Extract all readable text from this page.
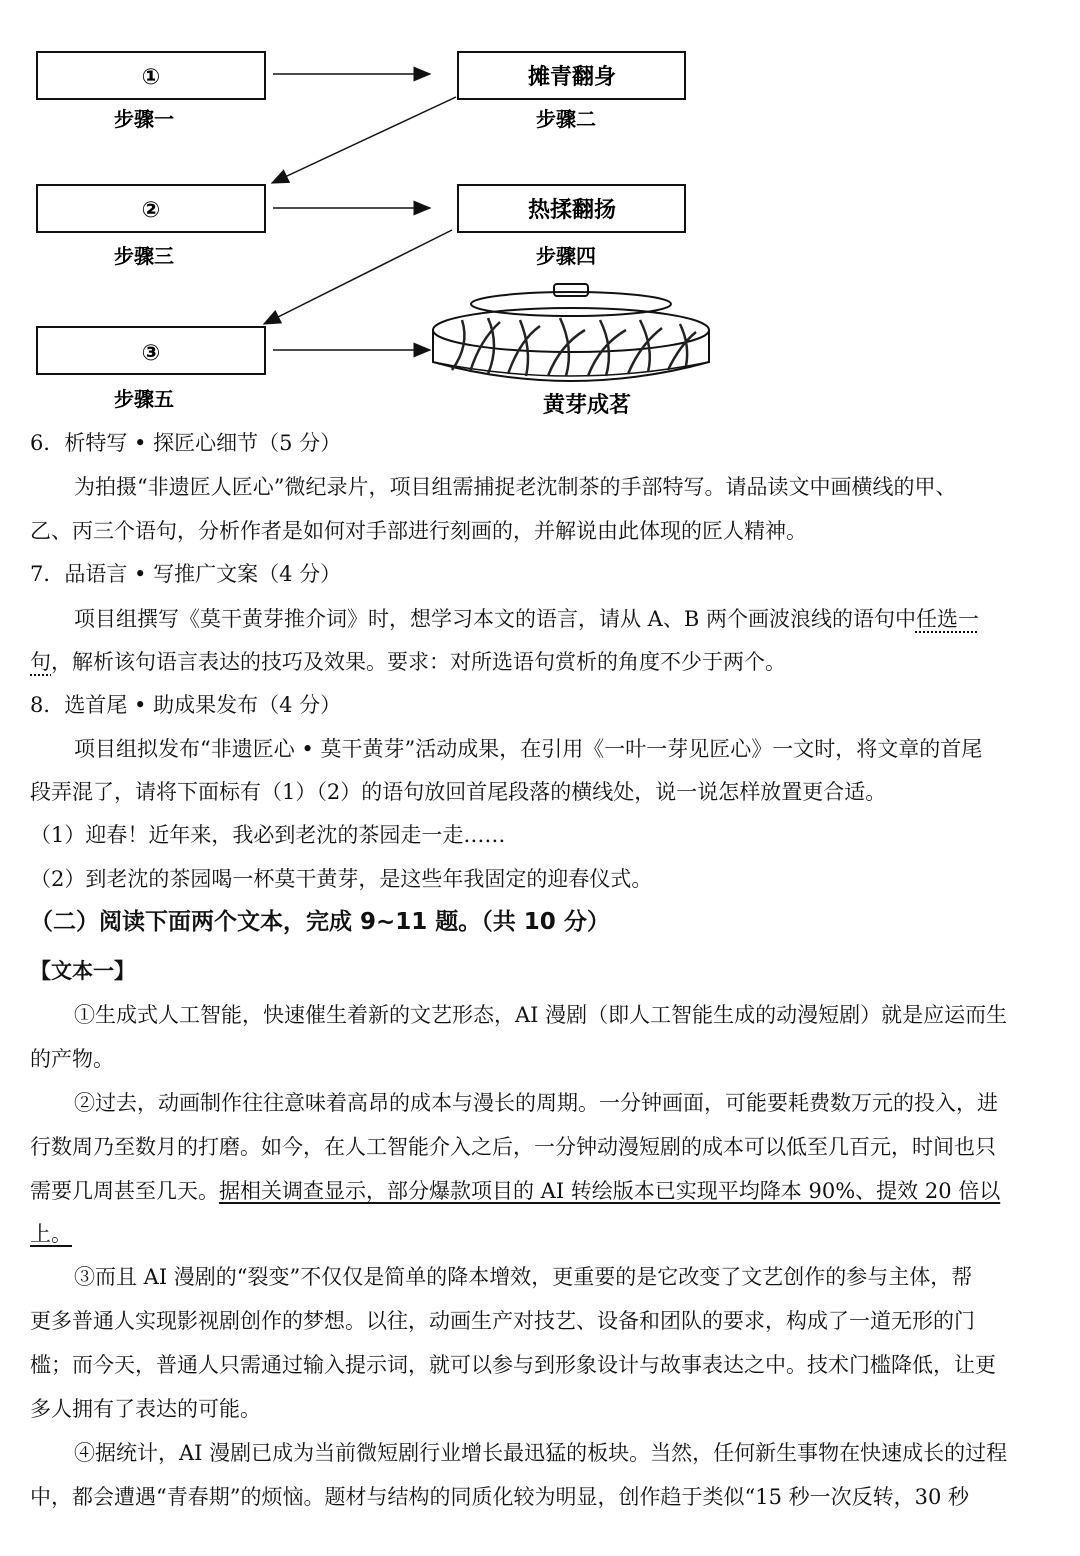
①
步骤一
摊青翻身
步骤二
②
步骤三
热揉翻扬
步骤四
③
步骤五	黄芽成茗
6．析特写 • 探匠心细节（5 分）
为拍摄“非遗匠人匠心”微纪录片，项目组需捕捉老沈制茶的手部特写。请品读文中画横线的甲、
乙、丙三个语句，分析作者是如何对手部进行刻画的，并解说由此体现的匠人精神。
7．品语言 • 写推广文案（4 分）
项目组撰写《莫干黄芽推介词》时，想学习本文的语言，请从 A、B 两个画波浪线的语句中任选一
句，解析该句语言表达的技巧及效果。要求：对所选语句赏析的角度不少于两个。
8．选首尾 • 助成果发布（4 分）
项目组拟发布“非遗匠心 • 莫干黄芽”活动成果，在引用《一叶一芽见匠心》一文时，将文章的首尾
段弄混了，请将下面标有（1）（2）的语句放回首尾段落的横线处，说一说怎样放置更合适。
（1）迎春！近年来，我必到老沈的茶园走一走……
（2）到老沈的茶园喝一杯莫干黄芽，是这些年我固定的迎春仪式。
（二）阅读下面两个文本，完成 9~11 题。（共 10 分）
【文本一】
①生成式人工智能，快速催生着新的文艺形态，AI 漫剧（即人工智能生成的动漫短剧）就是应运而生
的产物。
②过去，动画制作往往意味着高昂的成本与漫长的周期。一分钟画面，可能要耗费数万元的投入，进
行数周乃至数月的打磨。如今，在人工智能介入之后，一分钟动漫短剧的成本可以低至几百元，时间也只
需要几周甚至几天。据相关调查显示，部分爆款项目的 AI 转绘版本已实现平均降本 90%、提效 20 倍以
上。
③而且 AI 漫剧的“裂变”不仅仅是简单的降本增效，更重要的是它改变了文艺创作的参与主体，帮
更多普通人实现影视剧创作的梦想。以往，动画生产对技艺、设备和团队的要求，构成了一道无形的门
槛；而今天，普通人只需通过输入提示词，就可以参与到形象设计与故事表达之中。技术门槛降低，让更
多人拥有了表达的可能。
④据统计，AI 漫剧已成为当前微短剧行业增长最迅猛的板块。当然，任何新生事物在快速成长的过程
中，都会遭遇“青春期”的烦恼。题材与结构的同质化较为明显，创作趋于类似“15 秒一次反转，30 秒
